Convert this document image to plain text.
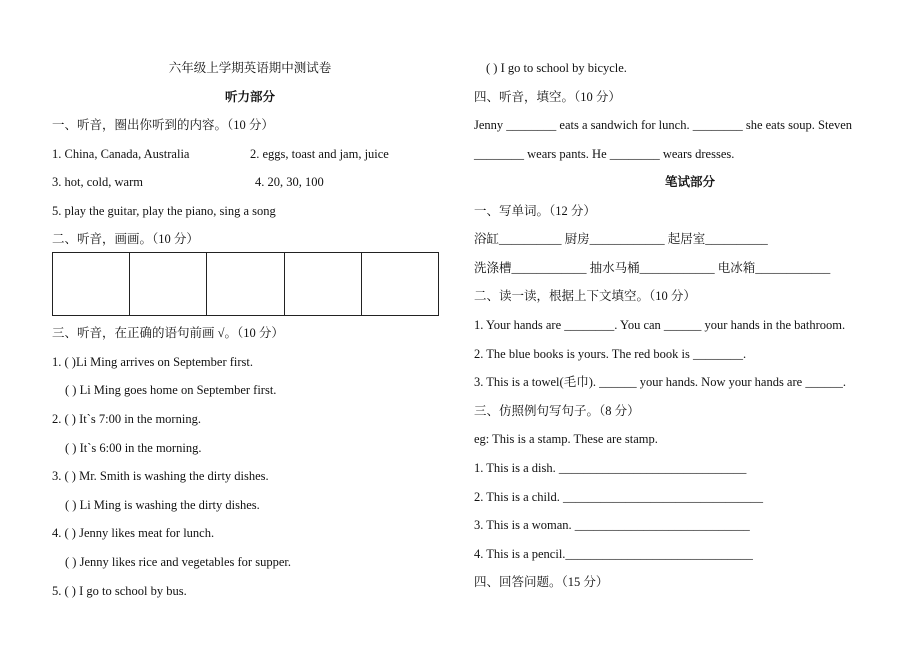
六年级上学期英语期中测试卷
听力部分
一、听音，圈出你听到的内容。（10 分）
1. China, Canada, Australia	2. eggs, toast and jam, juice
3. hot, cold, warm	4. 20, 30, 100
5. play the guitar, play the piano, sing a song
二、听音，画画。（10 分）
三、听音，在正确的语句前画 √。（10 分）
1. ( )Li Ming arrives on September first.
( ) Li Ming goes home on September first.
2. ( ) It`s 7:00 in the morning.
( ) It`s 6:00 in the morning.
3. ( ) Mr. Smith is washing the dirty dishes.
( ) Li Ming is washing the dirty dishes.
4. ( ) Jenny likes meat for lunch.
( ) Jenny likes rice and vegetables for supper.
5. ( ) I go to school by bus.
( ) I go to school by bicycle.
四、听音，填空。（10 分）
Jenny ________ eats a sandwich for lunch. ________ she eats soup. Steven
________ wears pants. He ________ wears dresses.
笔试部分
一、写单词。（12 分）
浴缸__________ 厨房____________ 起居室__________
洗涤槽____________ 抽水马桶____________ 电冰箱____________
二、读一读，根据上下文填空。（10 分）
1. Your hands are ________. You can ______ your hands in the bathroom.
2. The blue books is yours. The red book is ________.
3. This is a towel(毛巾). ______ your hands. Now your hands are ______.
三、仿照例句写句子。（8 分）
eg: This is a stamp. These are stamp.
1. This is a dish. ______________________________
2. This is a child. ________________________________
3. This is a woman. ____________________________
4. This is a pencil.______________________________
四、回答问题。（15 分）
